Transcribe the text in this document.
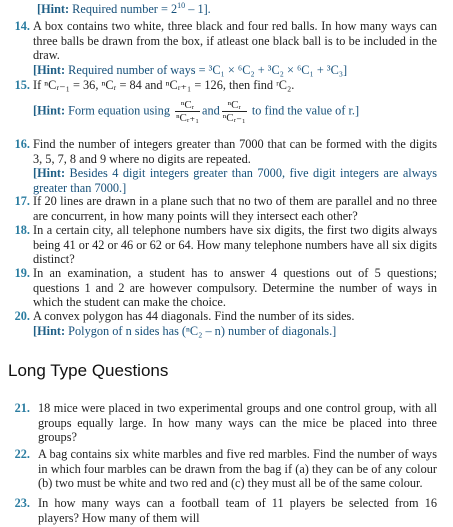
[Hint: Required number = $2^{10} - 1$].

14. A box contains two white, three black and four red balls. In how many ways can three balls be drawn from the box, if atleast one black ball is to be included in the draw.

[Hint: Required number of ways = ³C₁ × ⁶C₂ + ³C₂ × ⁶C₁ + ³C₃]

15. If ⁿCᵣ₋₁ = 36, ⁿCᵣ = 84 and ⁿCᵣ₊₁ = 126, then find ʳC₂.

[Hint: Form equation using $\frac{\text{ⁿCᵣ}}{\text{ⁿCᵣ₊₁}}$ and $\frac{\text{ⁿCᵣ}}{\text{ⁿCᵣ₋₁}}$ to find the value of r.]

16. Find the number of integers greater than 7000 that can be formed with the digits 3, 5, 7, 8 and 9 where no digits are repeated.

[Hint: Besides 4 digit integers greater than 7000, five digit integers are always greater than 7000.]

17. If 20 lines are drawn in a plane such that no two of them are parallel and no three are concurrent, in how many points will they intersect each other?

18. In a certain city, all telephone numbers have six digits, the first two digits always being 41 or 42 or 46 or 62 or 64. How many telephone numbers have all six digits distinct?

19. In an examination, a student has to answer 4 questions out of 5 questions; questions 1 and 2 are however compulsory. Determine the number of ways in which the student can make the choice.

20. A convex polygon has 44 diagonals. Find the number of its sides.

[Hint: Polygon of n sides has (ⁿC₂ – n) number of diagonals.]

Long Type Questions
21. 18 mice were placed in two experimental groups and one control group, with all groups equally large. In how many ways can the mice be placed into three groups?

22. A bag contains six white marbles and five red marbles. Find the number of ways in which four marbles can be drawn from the bag if (a) they can be of any colour (b) two must be white and two red and (c) they must all be of the same colour.

23. In how many ways can a football team of 11 players be selected from 16 players? How many of them will
